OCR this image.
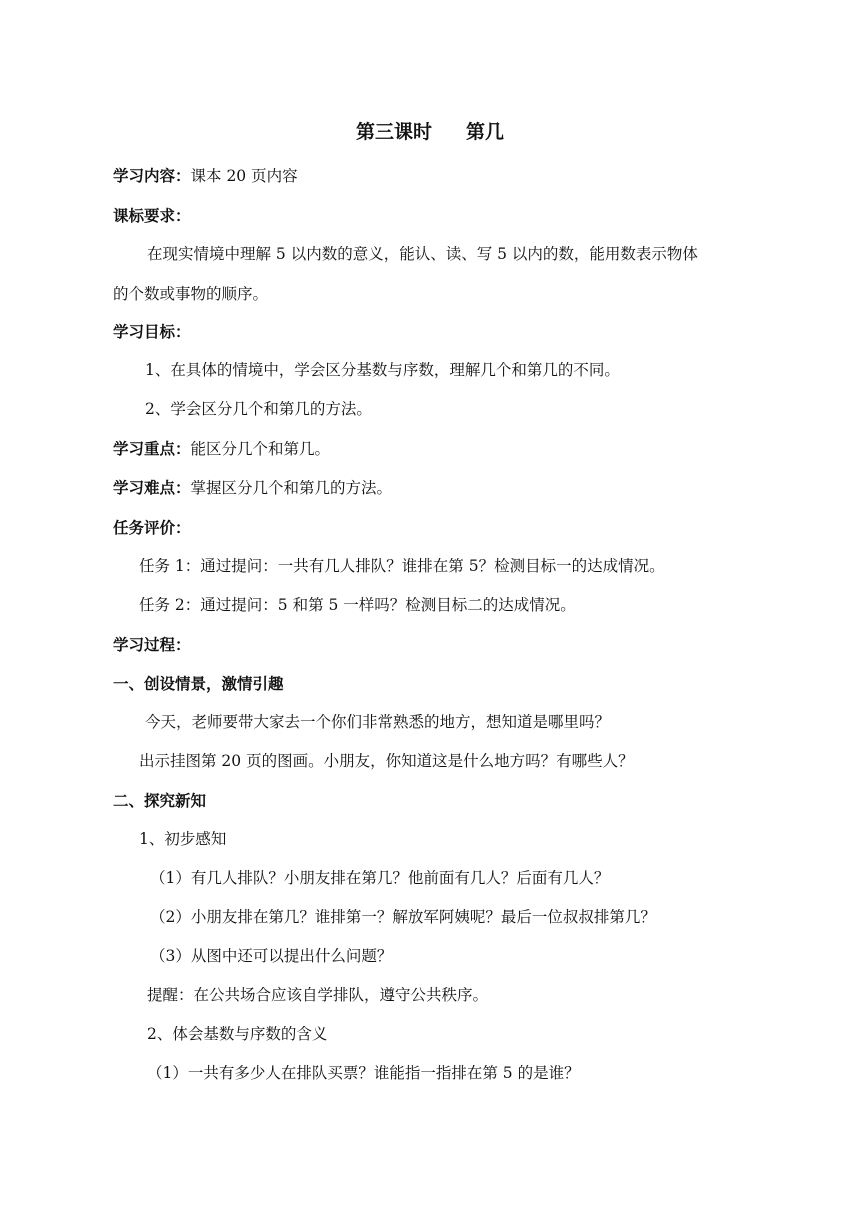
第三课时 第几
学习内容：课本 20 页内容
课标要求：
在现实情境中理解 5 以内数的意义，能认、读、写 5 以内的数，能用数表示物体
的个数或事物的顺序。
学习目标：
1、在具体的情境中，学会区分基数与序数，理解几个和第几的不同。
2、学会区分几个和第几的方法。
学习重点：能区分几个和第几。
学习难点：掌握区分几个和第几的方法。
任务评价：
任务 1：通过提问：一共有几人排队？谁排在第 5？检测目标一的达成情况。
任务 2：通过提问：5 和第 5 一样吗？检测目标二的达成情况。
学习过程：
一、创设情景，激情引趣
今天，老师要带大家去一个你们非常熟悉的地方，想知道是哪里吗？
出示挂图第 20 页的图画。小朋友，你知道这是什么地方吗？有哪些人？
二、探究新知
1、初步感知
（1）有几人排队？小朋友排在第几？他前面有几人？后面有几人？
（2）小朋友排在第几？谁排第一？解放军阿姨呢？最后一位叔叔排第几？
（3）从图中还可以提出什么问题？
提醒：在公共场合应该自学排队，遵守公共秩序。
2、体会基数与序数的含义
（1）一共有多少人在排队买票？谁能指一指排在第 5 的是谁？
